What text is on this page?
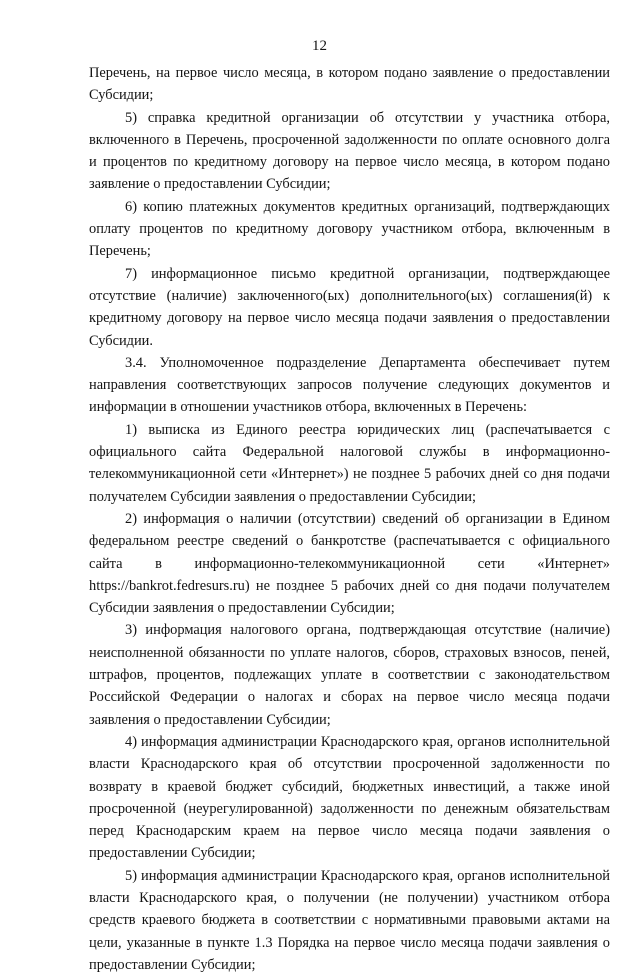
12

Перечень, на первое число месяца, в котором подано заявление о предоставлении Субсидии;

5) справка кредитной организации об отсутствии у участника отбора, включенного в Перечень, просроченной задолженности по оплате основного долга и процентов по кредитному договору на первое число месяца, в котором подано заявление о предоставлении Субсидии;

6) копию платежных документов кредитных организаций, подтверждающих оплату процентов по кредитному договору участником отбора, включенным в Перечень;

7) информационное письмо кредитной организации, подтверждающее отсутствие (наличие) заключенного(ых) дополнительного(ых) соглашения(й) к кредитному договору на первое число месяца подачи заявления о предоставлении Субсидии.

3.4. Уполномоченное подразделение Департамента обеспечивает путем направления соответствующих запросов получение следующих документов и информации в отношении участников отбора, включенных в Перечень:

1) выписка из Единого реестра юридических лиц (распечатывается с официального сайта Федеральной налоговой службы в информационно-телекоммуникационной сети «Интернет») не позднее 5 рабочих дней со дня подачи получателем Субсидии заявления о предоставлении Субсидии;

2) информация о наличии (отсутствии) сведений об организации в Едином федеральном реестре сведений о банкротстве (распечатывается с официального сайта в информационно-телекоммуникационной сети «Интернет» https://bankrot.fedresurs.ru) не позднее 5 рабочих дней со дня подачи получателем Субсидии заявления о предоставлении Субсидии;

3) информация налогового органа, подтверждающая отсутствие (наличие) неисполненной обязанности по уплате налогов, сборов, страховых взносов, пеней, штрафов, процентов, подлежащих уплате в соответствии с законодательством Российской Федерации о налогах и сборах на первое число месяца подачи заявления о предоставлении Субсидии;

4) информация администрации Краснодарского края, органов исполнительной власти Краснодарского края об отсутствии просроченной задолженности по возврату в краевой бюджет субсидий, бюджетных инвестиций, а также иной просроченной (неурегулированной) задолженности по денежным обязательствам перед Краснодарским краем на первое число месяца подачи заявления о предоставлении Субсидии;

5) информация администрации Краснодарского края, органов исполнительной власти Краснодарского края, о получении (не получении) участником отбора средств краевого бюджета в соответствии с нормативными правовыми актами на цели, указанные в пункте 1.3 Порядка на первое число месяца подачи заявления о предоставлении Субсидии;
